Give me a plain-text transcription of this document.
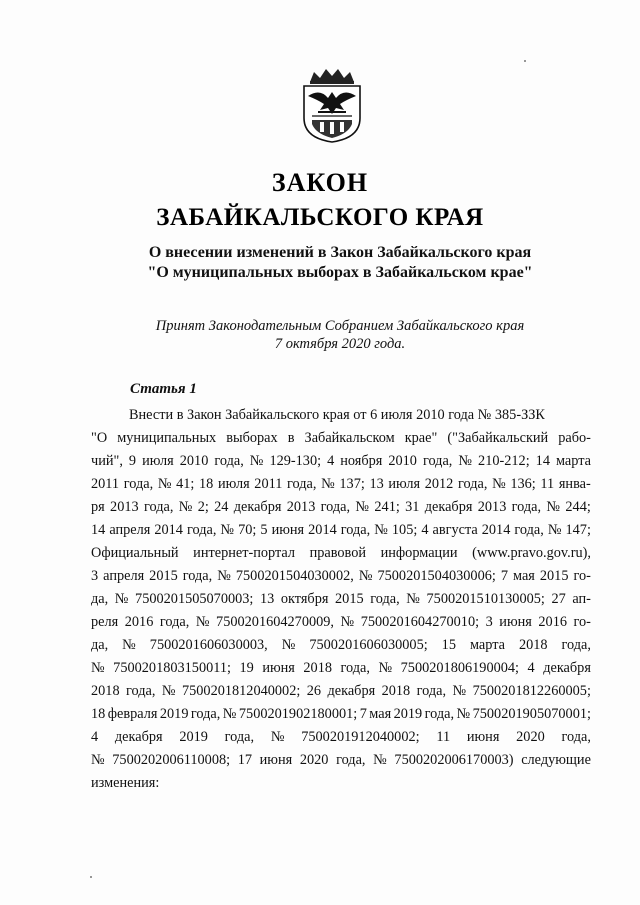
ЗАКОН
ЗАБАЙКАЛЬСКОГО КРАЯ
О внесении изменений в Закон Забайкальского края
"О муниципальных выборах в Забайкальском крае"
Принят Законодательным Собранием Забайкальского края
7 октября 2020 года.
Статья 1
Внести в Закон Забайкальского края от 6 июля 2010 года № 385-ЗЗК
"О муниципальных выборах в Забайкальском крае" ("Забайкальский рабо-
чий", 9 июля 2010 года, № 129-130; 4 ноября 2010 года, № 210-212; 14 марта
2011 года, № 41; 18 июля 2011 года, № 137; 13 июля 2012 года, № 136; 11 янва-
ря 2013 года, № 2; 24 декабря 2013 года, № 241; 31 декабря 2013 года, № 244;
14 апреля 2014 года, № 70; 5 июня 2014 года, № 105; 4 августа 2014 года, № 147;
Официальный интернет-портал правовой информации (www.pravo.gov.ru),
3 апреля 2015 года, № 7500201504030002, № 7500201504030006; 7 мая 2015 го-
да, № 7500201505070003; 13 октября 2015 года, № 7500201510130005; 27 ап-
реля 2016 года, № 7500201604270009, № 7500201604270010; 3 июня 2016 го-
да, № 7500201606030003, № 7500201606030005; 15 марта 2018 года,
№ 7500201803150011; 19 июня 2018 года, № 7500201806190004; 4 декабря
2018 года, № 7500201812040002; 26 декабря 2018 года, № 7500201812260005;
18 февраля 2019 года, № 7500201902180001; 7 мая 2019 года, № 7500201905070001;
4 декабря 2019 года, № 7500201912040002; 11 июня 2020 года,
№ 7500202006110008; 17 июня 2020 года, № 7500202006170003) следующие
изменения:
